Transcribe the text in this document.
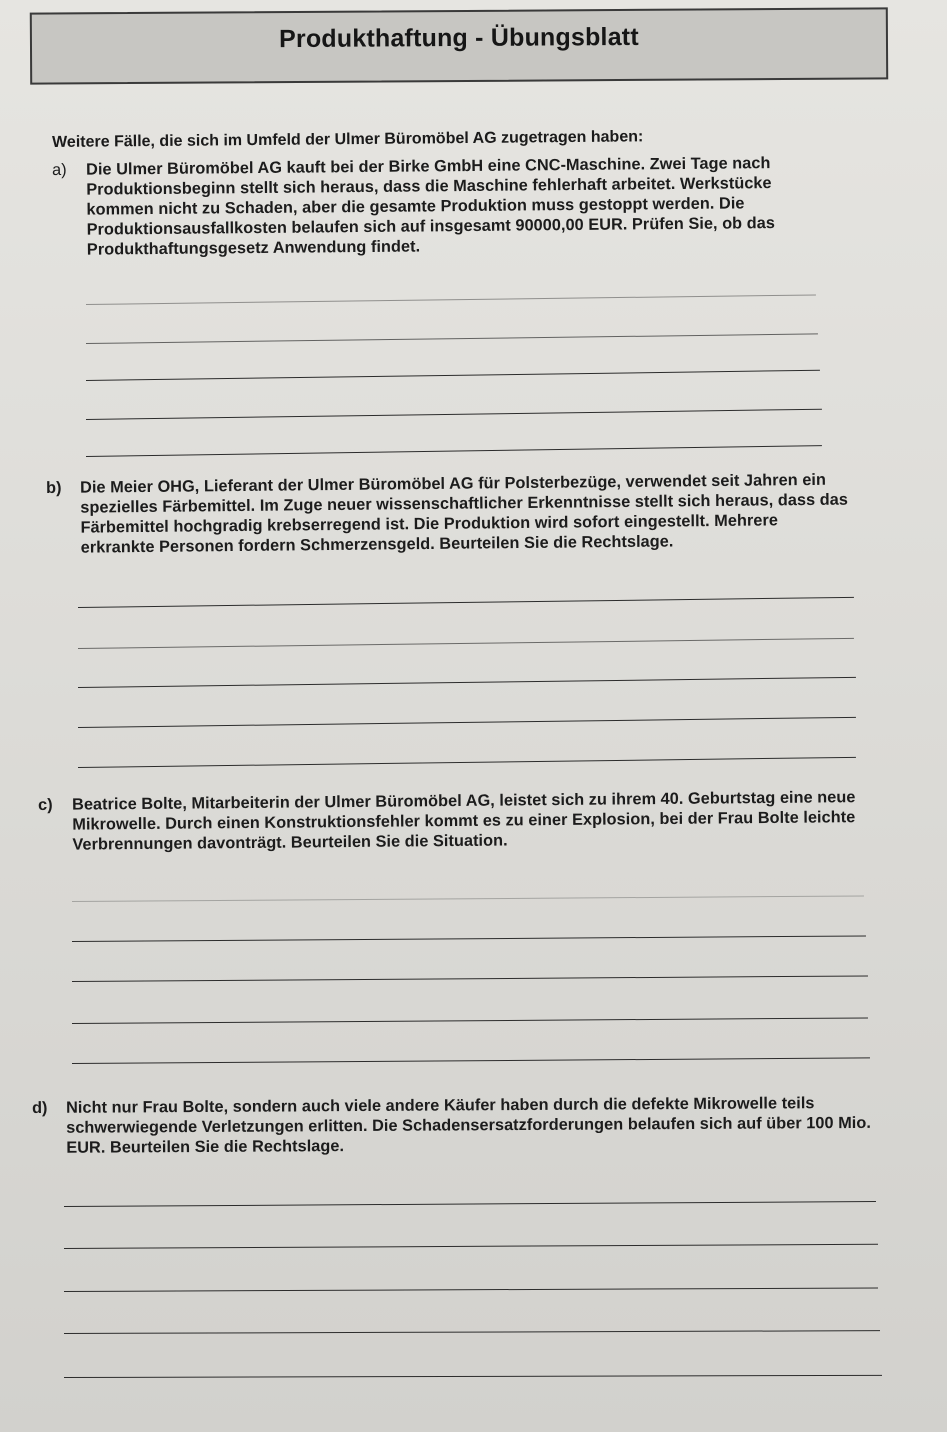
Produkthaftung - Übungsblatt
Weitere Fälle, die sich im Umfeld der Ulmer Büromöbel AG zugetragen haben:
a) Die Ulmer Büromöbel AG kauft bei der Birke GmbH eine CNC-Maschine. Zwei Tage nach Produktionsbeginn stellt sich heraus, dass die Maschine fehlerhaft arbeitet. Werkstücke kommen nicht zu Schaden, aber die gesamte Produktion muss gestoppt werden. Die Produktionsausfallkosten belaufen sich auf insgesamt 90000,00 EUR. Prüfen Sie, ob das Produkthaftungsgesetz Anwendung findet.
b) Die Meier OHG, Lieferant der Ulmer Büromöbel AG für Polsterbezüge, verwendet seit Jahren ein spezielles Färbemittel. Im Zuge neuer wissenschaftlicher Erkenntnisse stellt sich heraus, dass das Färbemittel hochgradig krebserregend ist. Die Produktion wird sofort eingestellt. Mehrere erkrankte Personen fordern Schmerzensgeld. Beurteilen Sie die Rechtslage.
c) Beatrice Bolte, Mitarbeiterin der Ulmer Büromöbel AG, leistet sich zu ihrem 40. Geburtstag eine neue Mikrowelle. Durch einen Konstruktionsfehler kommt es zu einer Explosion, bei der Frau Bolte leichte Verbrennungen davonträgt. Beurteilen Sie die Situation.
d) Nicht nur Frau Bolte, sondern auch viele andere Käufer haben durch die defekte Mikrowelle teils schwerwiegende Verletzungen erlitten. Die Schadensersatzforderungen belaufen sich auf über 100 Mio. EUR. Beurteilen Sie die Rechtslage.
